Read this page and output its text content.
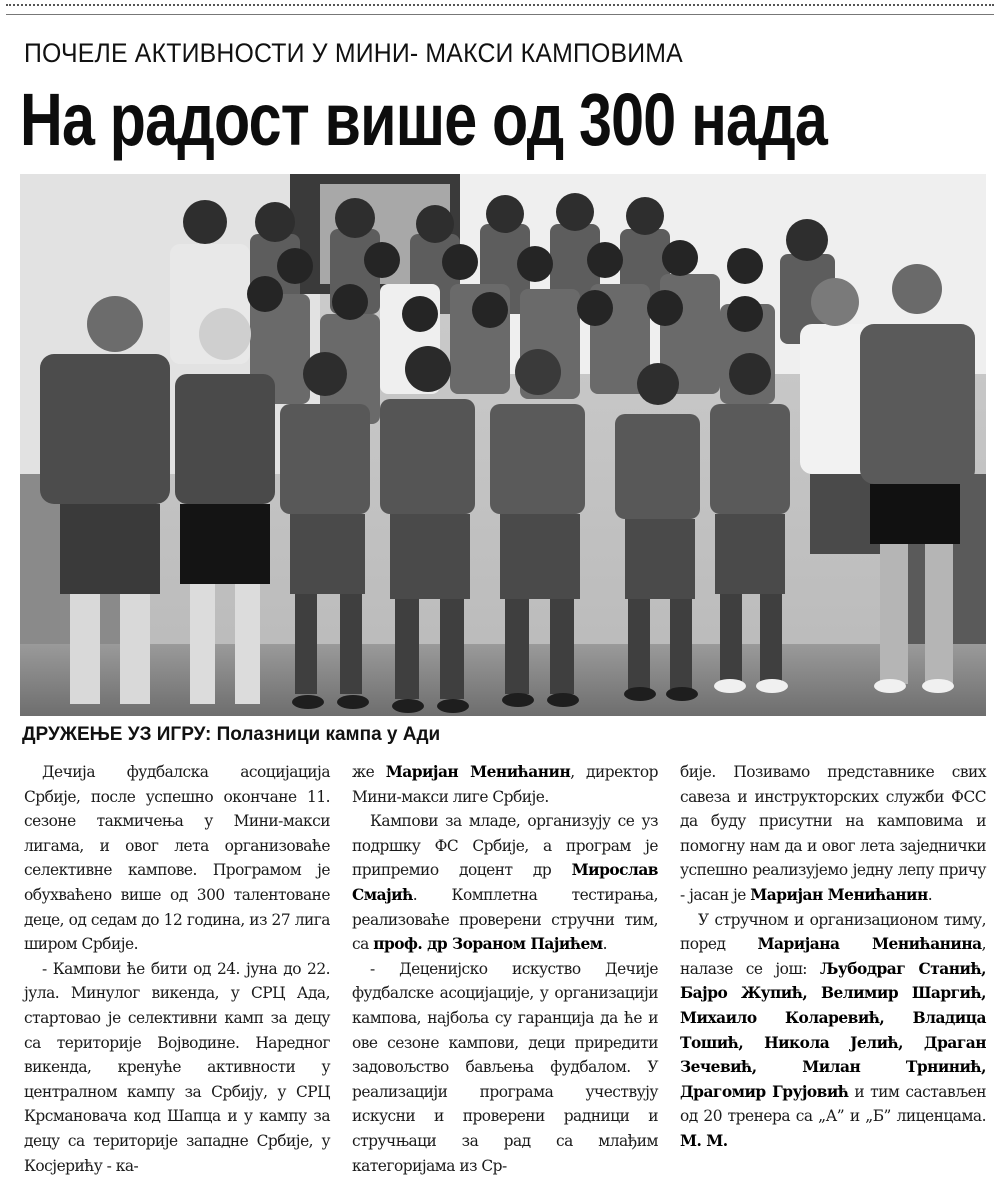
ПОЧЕЛЕ АКТИВНОСТИ У МИНИ- МАКСИ КАМПОВИМА
На радост више од 300 нада
ДРУЖЕЊЕ УЗ ИГРУ: Полазници кампа у Ади

Дечија фудбалска асоцијација Србије, после успешно окончане 11. сезоне такмичења у Мини-макси лигама, и овог лета организоваће селективне кампове. Програмом је обухваћено више од 300 талентоване деце, од седам до 12 година, из 27 лига широм Србије.

- Кампови ће бити од 24. јуна до 22. јула. Минулог викенда, у СРЦ Ада, стартовао је селективни камп за децу са територије Војводине. Наредног викенда, кренуће активности у централном кампу за Србију, у СРЦ Крсмановача код Шапца и у кампу за децу са територије западне Србије, у Косјерићу - ка-

же Маријан Менићанин, директор Мини-макси лиге Србије.

Кампови за младе, организују се уз подршку ФС Србије, а програм је припремио доцент др Мирослав Смајић. Комплетна тестирања, реализоваће проверени стручни тим, са проф. др Зораном Пајићем.

- Деценијско искуство Дечије фудбалске асоцијације, у организацији кампова, најбоља су гаранција да ће и ове сезоне кампови, деци приредити задовољство бављења фудбалом. У реализацији програма учествују искусни и проверени радници и стручњаци за рад са млађим категоријама из Ср-

бије. Позивамо представнике свих савеза и инструкторских служби ФСС да буду присутни на камповима и помогну нам да и овог лета заједнички успешно реализујемо једну лепу причу - јасан је Маријан Менићанин.

У стручном и организационом тиму, поред Маријана Менићанина, налазе се још: Љубодраг Станић, Бајро Жупић, Велимир Шаргић, Михаило Коларевић, Владица Тошић, Никола Јелић, Драган Зечевић, Милан Трнинић, Драгомир Грујовић и тим састављен од 20 тренера са „А” и „Б” лиценцама. М. М.
